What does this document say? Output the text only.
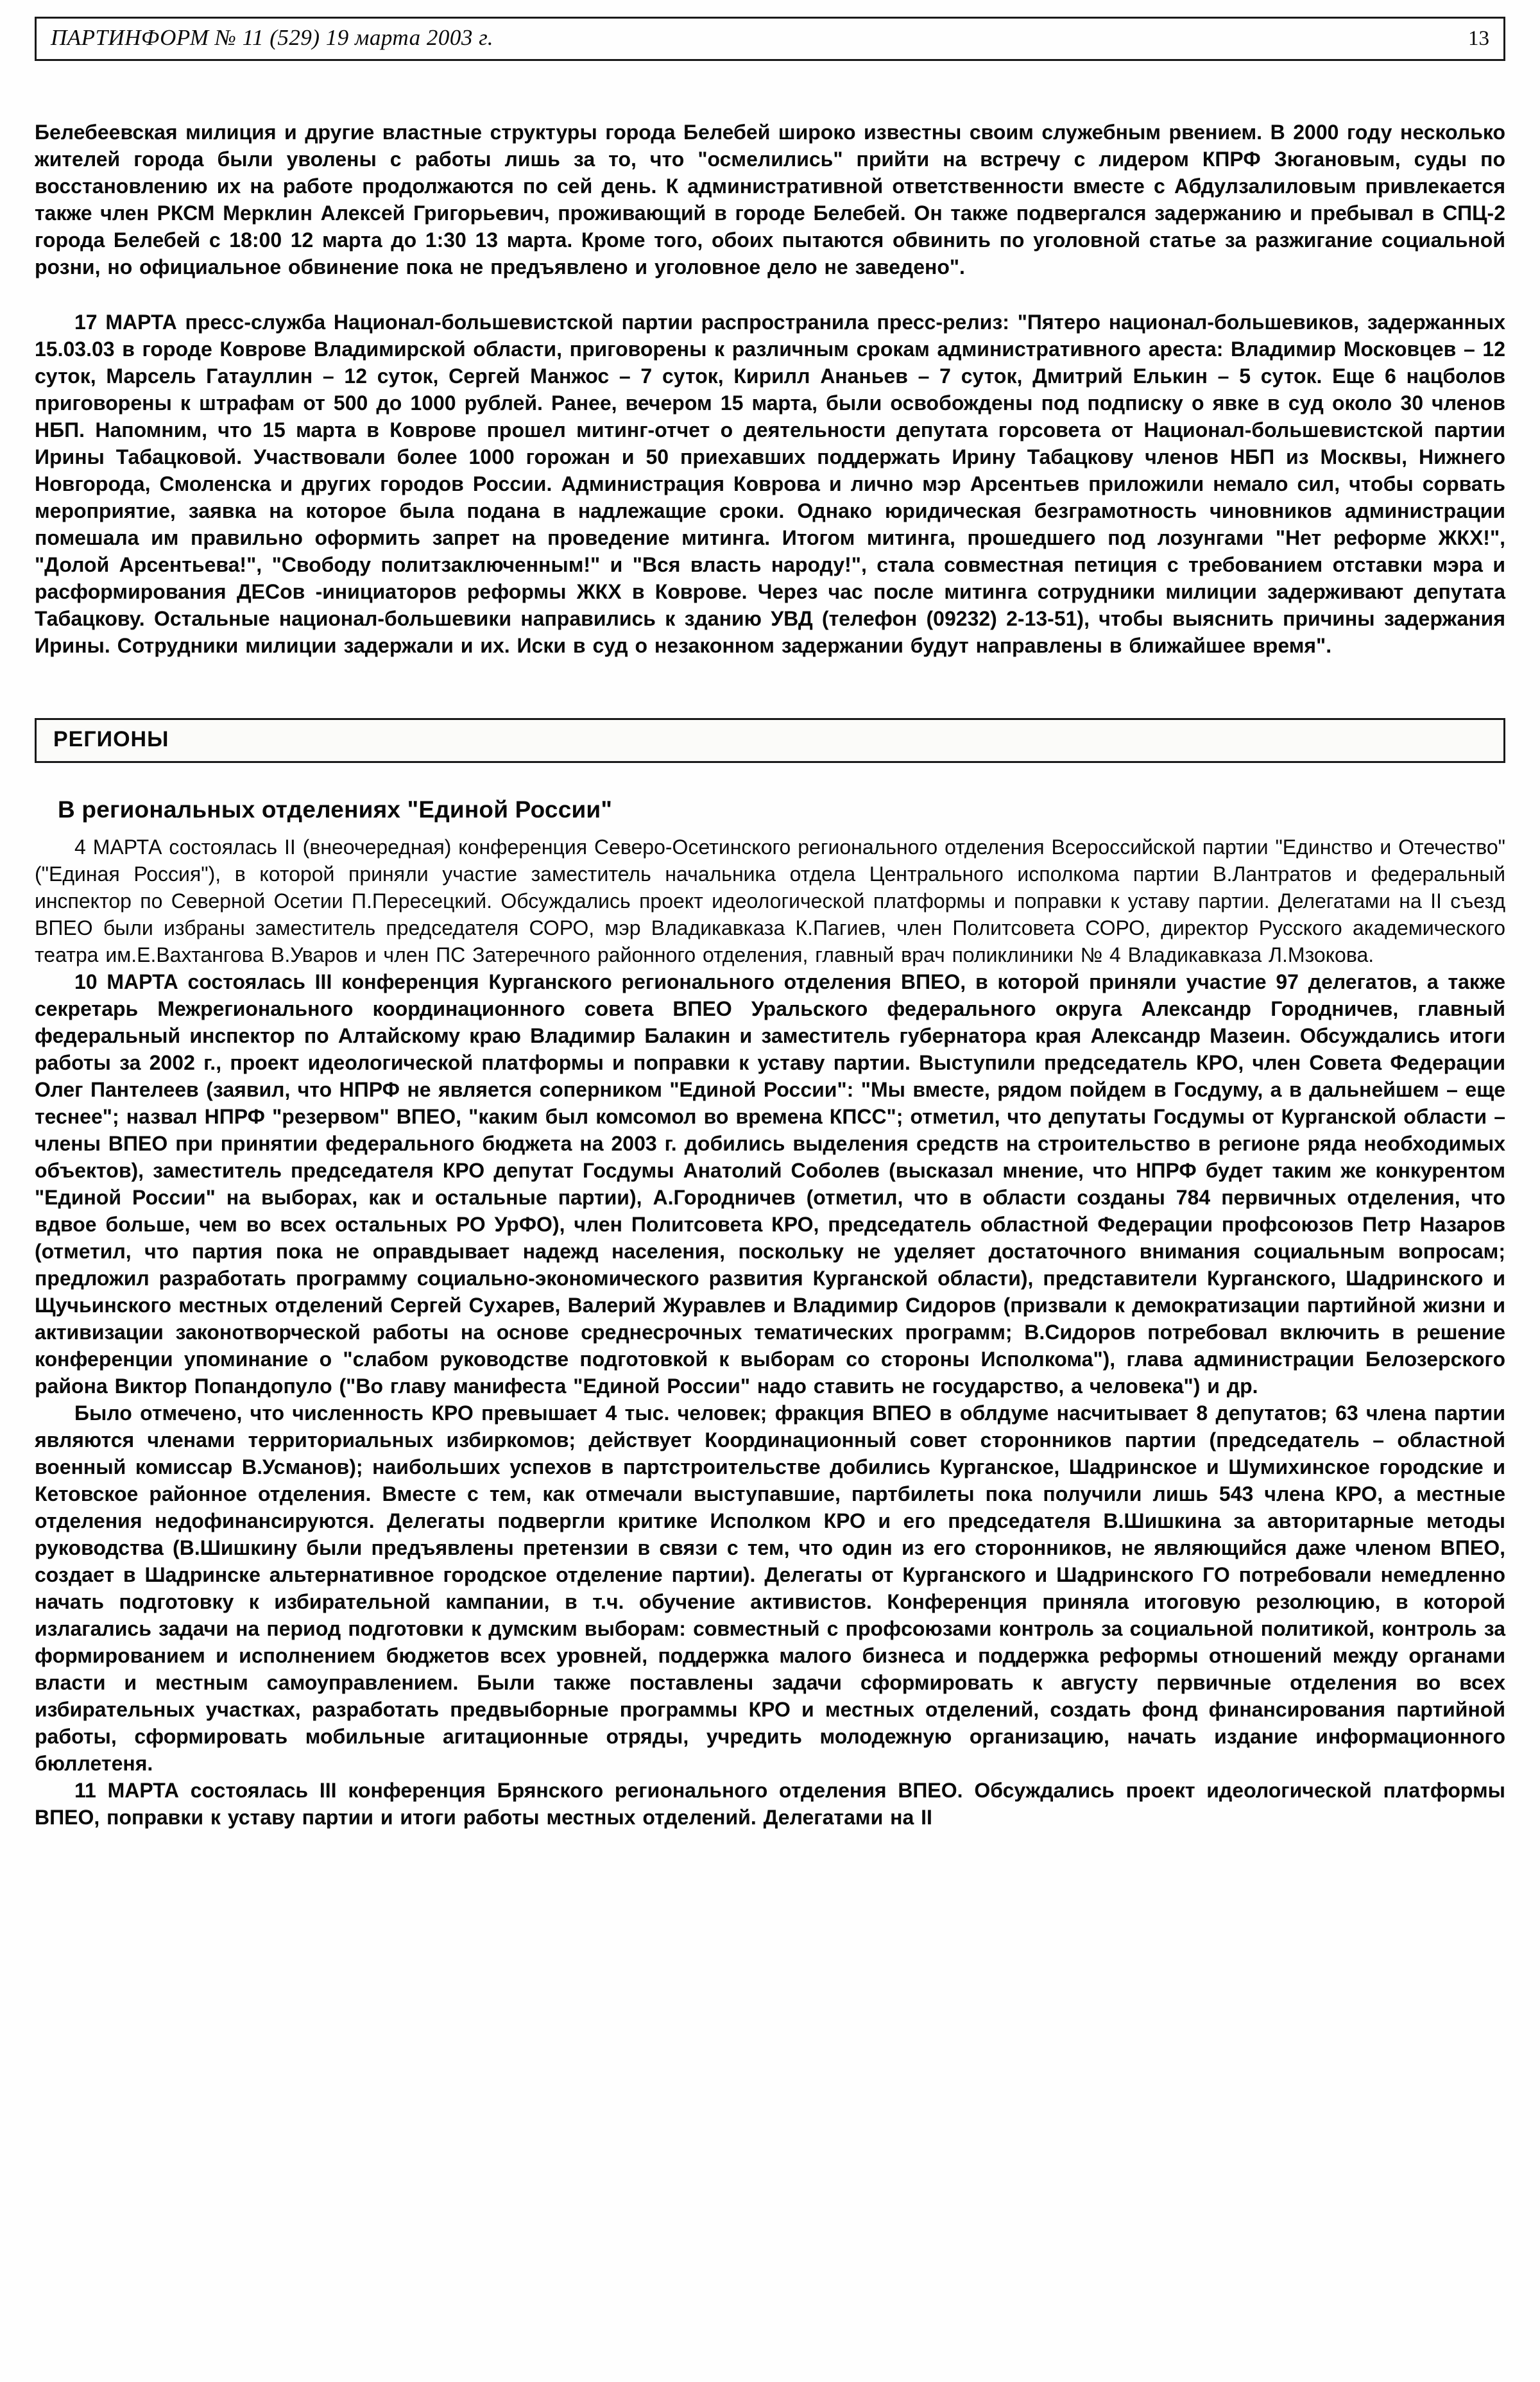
ПАРТИНФОРМ № 11 (529) 19 марта 2003 г.	13

Белебеевская милиция и другие властные структуры города Белебей широко известны своим служебным рвением. В 2000 году несколько жителей города были уволены с работы лишь за то, что "осмелились" прийти на встречу с лидером КПРФ Зюгановым, суды по восстановлению их на работе продолжаются по сей день. К административной ответственности вместе с Абдулзалиловым привлекается также член РКСМ Мерклин Алексей Григорьевич, проживающий в городе Белебей. Он также подвергался задержанию и пребывал в СПЦ-2 города Белебей с 18:00 12 марта до 1:30 13 марта. Кроме того, обоих пытаются обвинить по уголовной статье за разжигание социальной розни, но официальное обвинение пока не предъявлено и уголовное дело не заведено".

17 МАРТА пресс-служба Национал-большевистской партии распространила пресс-релиз: "Пятеро национал-большевиков, задержанных 15.03.03 в городе Коврове Владимирской области, приговорены к различным срокам административного ареста: Владимир Московцев – 12 суток, Марсель Гатауллин – 12 суток, Сергей Манжос – 7 суток, Кирилл Ананьев – 7 суток, Дмитрий Елькин – 5 суток. Еще 6 нацболов приговорены к штрафам от 500 до 1000 рублей. Ранее, вечером 15 марта, были освобождены под подписку о явке в суд около 30 членов НБП. Напомним, что 15 марта в Коврове прошел митинг-отчет о деятельности депутата горсовета от Национал-большевистской партии Ирины Табацковой. Участвовали более 1000 горожан и 50 приехавших поддержать Ирину Табацкову членов НБП из Москвы, Нижнего Новгорода, Смоленска и других городов России. Администрация Коврова и лично мэр Арсентьев приложили немало сил, чтобы сорвать мероприятие, заявка на которое была подана в надлежащие сроки. Однако юридическая безграмотность чиновников администрации помешала им правильно оформить запрет на проведение митинга. Итогом митинга, прошедшего под лозунгами "Нет реформе ЖКХ!", "Долой Арсентьева!", "Свободу политзаключенным!" и "Вся власть народу!", стала совместная петиция с требованием отставки мэра и расформирования ДЕСов -инициаторов реформы ЖКХ в Коврове. Через час после митинга сотрудники милиции задерживают депутата Табацкову. Остальные национал-большевики направились к зданию УВД (телефон (09232) 2-13-51), чтобы выяснить причины задержания Ирины. Сотрудники милиции задержали и их. Иски в суд о незаконном задержании будут направлены в ближайшее время".

РЕГИОНЫ
В региональных отделениях "Единой России"

4 МАРТА состоялась II (внеочередная) конференция Северо-Осетинского регионального отделения Всероссийской партии "Единство и Отечество" ("Единая Россия"), в которой приняли участие заместитель начальника отдела Центрального исполкома партии В.Лантратов и федеральный инспектор по Северной Осетии П.Пересецкий. Обсуждались проект идеологической платформы и поправки к уставу партии. Делегатами на II съезд ВПЕО были избраны заместитель председателя СОРО, мэр Владикавказа К.Пагиев, член Политсовета СОРО, директор Русского академического театра им.Е.Вахтангова В.Уваров и член ПС Затеречного районного отделения, главный врач поликлиники № 4 Владикавказа Л.Мзокова.

10 МАРТА состоялась III конференция Курганского регионального отделения ВПЕО, в которой приняли участие 97 делегатов, а также секретарь Межрегионального координационного совета ВПЕО Уральского федерального округа Александр Городничев, главный федеральный инспектор по Алтайскому краю Владимир Балакин и заместитель губернатора края Александр Мазеин. Обсуждались итоги работы за 2002 г., проект идеологической платформы и поправки к уставу партии. Выступили председатель КРО, член Совета Федерации Олег Пантелеев (заявил, что НПРФ не является соперником "Единой России": "Мы вместе, рядом пойдем в Госдуму, а в дальнейшем – еще теснее"; назвал НПРФ "резервом" ВПЕО, "каким был комсомол во времена КПСС"; отметил, что депутаты Госдумы от Курганской области – члены ВПЕО при принятии федерального бюджета на 2003 г. добились выделения средств на строительство в регионе ряда необходимых объектов), заместитель председателя КРО депутат Госдумы Анатолий Соболев (высказал мнение, что НПРФ будет таким же конкурентом "Единой России" на выборах, как и остальные партии), А.Городничев (отметил, что в области созданы 784 первичных отделения, что вдвое больше, чем во всех остальных РО УрФО), член Политсовета КРО, председатель областной Федерации профсоюзов Петр Назаров (отметил, что партия пока не оправдывает надежд населения, поскольку не уделяет достаточного внимания социальным вопросам; предложил разработать программу социально-экономического развития Курганской области), представители Курганского, Шадринского и Щучьинского местных отделений Сергей Сухарев, Валерий Журавлев и Владимир Сидоров (призвали к демократизации партийной жизни и активизации законотворческой работы на основе среднесрочных тематических программ; В.Сидоров потребовал включить в решение конференции упоминание о "слабом руководстве подготовкой к выборам со стороны Исполкома"), глава администрации Белозерского района Виктор Попандопуло ("Во главу манифеста "Единой России" надо ставить не государство, а человека") и др.

Было отмечено, что численность КРО превышает 4 тыс. человек; фракция ВПЕО в облдуме насчитывает 8 депутатов; 63 члена партии являются членами территориальных избиркомов; действует Координационный совет сторонников партии (председатель – областной военный комиссар В.Усманов); наибольших успехов в партстроительстве добились Курганское, Шадринское и Шумихинское городские и Кетовское районное отделения. Вместе с тем, как отмечали выступавшие, партбилеты пока получили лишь 543 члена КРО, а местные отделения недофинансируются. Делегаты подвергли критике Исполком КРО и его председателя В.Шишкина за авторитарные методы руководства (В.Шишкину были предъявлены претензии в связи с тем, что один из его сторонников, не являющийся даже членом ВПЕО, создает в Шадринске альтернативное городское отделение партии). Делегаты от Курганского и Шадринского ГО потребовали немедленно начать подготовку к избирательной кампании, в т.ч. обучение активистов. Конференция приняла итоговую резолюцию, в которой излагались задачи на период подготовки к думским выборам: совместный с профсоюзами контроль за социальной политикой, контроль за формированием и исполнением бюджетов всех уровней, поддержка малого бизнеса и поддержка реформы отношений между органами власти и местным самоуправлением. Были также поставлены задачи сформировать к августу первичные отделения во всех избирательных участках, разработать предвыборные программы КРО и местных отделений, создать фонд финансирования партийной работы, сформировать мобильные агитационные отряды, учредить молодежную организацию, начать издание информационного бюллетеня.

11 МАРТА состоялась III конференция Брянского регионального отделения ВПЕО. Обсуждались проект идеологической платформы ВПЕО, поправки к уставу партии и итоги работы местных отделений. Делегатами на II
